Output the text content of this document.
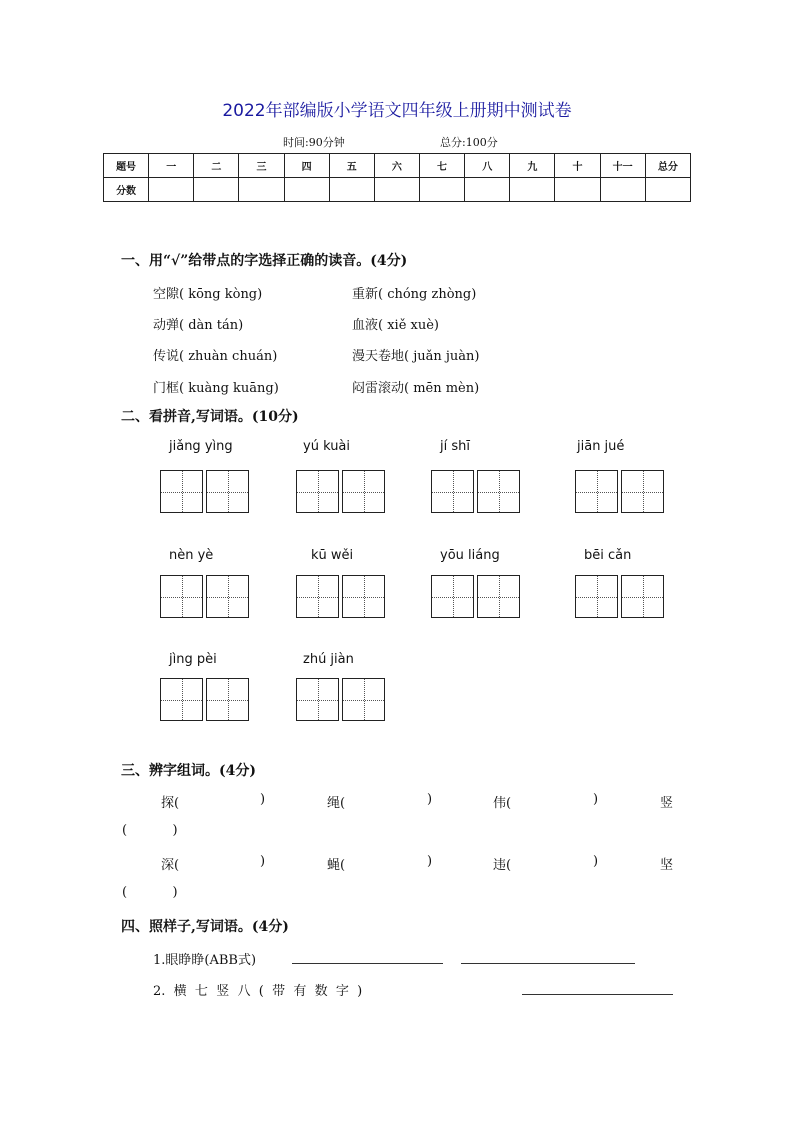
2022年部编版小学语文四年级上册期中测试卷
时间:90分钟	总分:100分
题号	一	二	三	四	五	六	七	八	九	十	十一	总分
分数												
一、用“√”给带点的字选择正确的读音。(4分)
空隙( kōng kòng)	重新( chóng zhòng)
动弹( dàn tán)	血液( xiě xuè)
传说( zhuàn chuán)	漫天卷地( juǎn juàn)
门框( kuàng kuāng)	闷雷滚动( mēn mèn)
二、看拼音,写词语。(10分)
jiǎng yìng	yú kuài	jí shī	jiān jué
nèn yè	kū wěi	yōu liáng	bēi cǎn
jìng pèi	zhú jiàn
三、辨字组词。(4分)
探(	)	绳(	)	伟(	)	竖
(           )
深(	)	蝇(	)	违(	)	坚
(           )
四、照样子,写词语。(4分)
1.眼睁睁(ABB式)
2.  横  七  竖  八  (  带  有  数  字  )
